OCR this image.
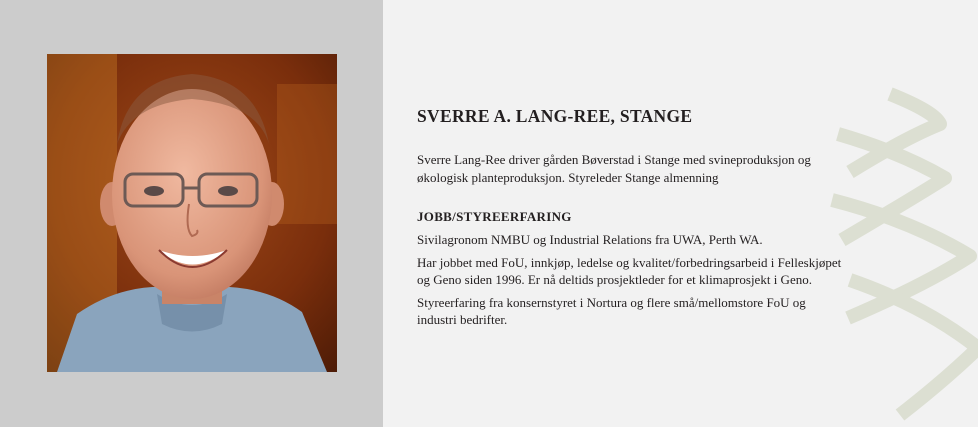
SVERRE A. LANG-REE, STANGE

Sverre Lang-Ree driver gården Bøverstad i Stange med svineproduksjon og økologisk planteproduksjon. Styreleder Stange almenning

JOBB/STYREERFARING

Sivilagronom NMBU og Industrial Relations fra UWA, Perth WA.

Har jobbet med FoU, innkjøp, ledelse og kvalitet/forbedringsarbeid i Felleskjøpet og Geno siden 1996. Er nå deltids prosjektleder for et klimaprosjekt i Geno.

Styreerfaring fra konsernstyret i Nortura og flere små/mellomstore FoU og industri bedrifter.
